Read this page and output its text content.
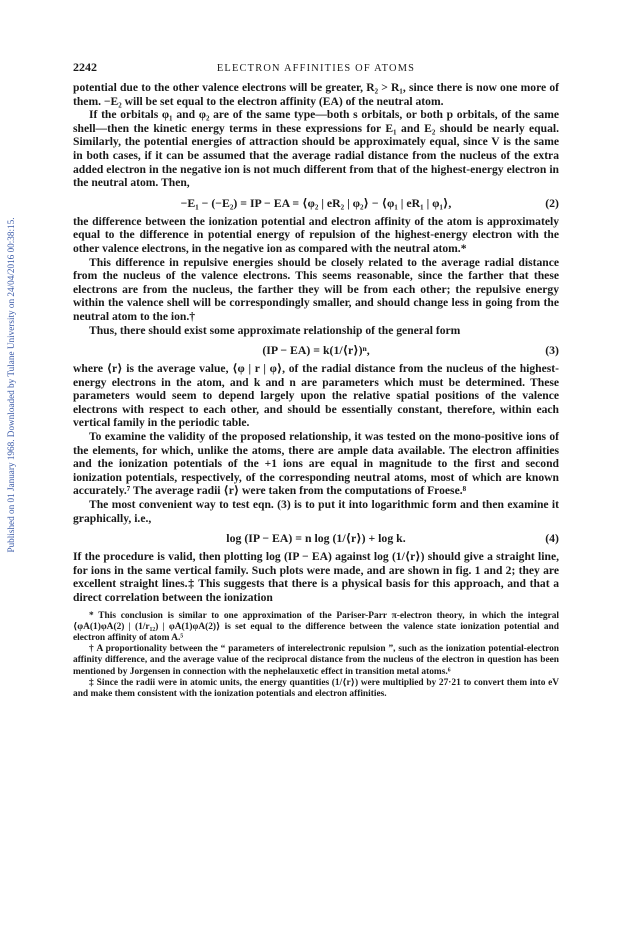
Published on 01 January 1968. Downloaded by Tulane University on 24/04/2016 00:38:15.
2242	ELECTRON AFFINITIES OF ATOMS

potential due to the other valence electrons will be greater, R₂ > R₁, since there is now one more of them. −E₂ will be set equal to the electron affinity (EA) of the neutral atom.

If the orbitals φ₁ and φ₂ are of the same type—both s orbitals, or both p orbitals, of the same shell—then the kinetic energy terms in these expressions for E₁ and E₂ should be nearly equal. Similarly, the potential energies of attraction should be approximately equal, since V is the same in both cases, if it can be assumed that the average radial distance from the nucleus of the extra added electron in the negative ion is not much different from that of the highest-energy electron in the neutral atom. Then,

−E₁ − (−E₂) = IP − EA = ⟨φ₂ | eR₂ | φ₂⟩ − ⟨φ₁ | eR₁ | φ₁⟩,	(2)

the difference between the ionization potential and electron affinity of the atom is approximately equal to the difference in potential energy of repulsion of the highest-energy electron with the other valence electrons, in the negative ion as compared with the neutral atom.*

This difference in repulsive energies should be closely related to the average radial distance from the nucleus of the valence electrons. This seems reasonable, since the farther that these electrons are from the nucleus, the farther they will be from each other; the repulsive energy within the valence shell will be correspondingly smaller, and should change less in going from the neutral atom to the ion.†

Thus, there should exist some approximate relationship of the general form

(IP − EA) = k(1/⟨r⟩)ⁿ,	(3)

where ⟨r⟩ is the average value, ⟨φ | r | φ⟩, of the radial distance from the nucleus of the highest-energy electrons in the atom, and k and n are parameters which must be determined. These parameters would seem to depend largely upon the relative spatial positions of the valence electrons with respect to each other, and should be essentially constant, therefore, within each vertical family in the periodic table.

To examine the validity of the proposed relationship, it was tested on the mono-positive ions of the elements, for which, unlike the atoms, there are ample data available. The electron affinities and the ionization potentials of the +1 ions are equal in magnitude to the first and second ionization potentials, respectively, of the corresponding neutral atoms, most of which are known accurately.⁷ The average radii ⟨r⟩ were taken from the computations of Froese.⁸

The most convenient way to test eqn. (3) is to put it into logarithmic form and then examine it graphically, i.e.,

log (IP − EA) = n log (1/⟨r⟩) + log k.	(4)

If the procedure is valid, then plotting log (IP − EA) against log (1/⟨r⟩) should give a straight line, for ions in the same vertical family. Such plots were made, and are shown in fig. 1 and 2; they are excellent straight lines.‡ This suggests that there is a physical basis for this approach, and that a direct correlation between the ionization

* This conclusion is similar to one approximation of the Pariser-Parr π-electron theory, in which the integral ⟨φA(1)φA(2) | (1/r₁₂) | φA(1)φA(2)⟩ is set equal to the difference between the valence state ionization potential and electron affinity of atom A.⁵

† A proportionality between the “ parameters of interelectronic repulsion ”, such as the ionization potential-electron affinity difference, and the average value of the reciprocal distance from the nucleus of the electron in question has been mentioned by Jorgensen in connection with the nephelauxetic effect in transition metal atoms.⁶

‡ Since the radii were in atomic units, the energy quantities (1/⟨r⟩) were multiplied by 27·21 to convert them into eV and make them consistent with the ionization potentials and electron affinities.
